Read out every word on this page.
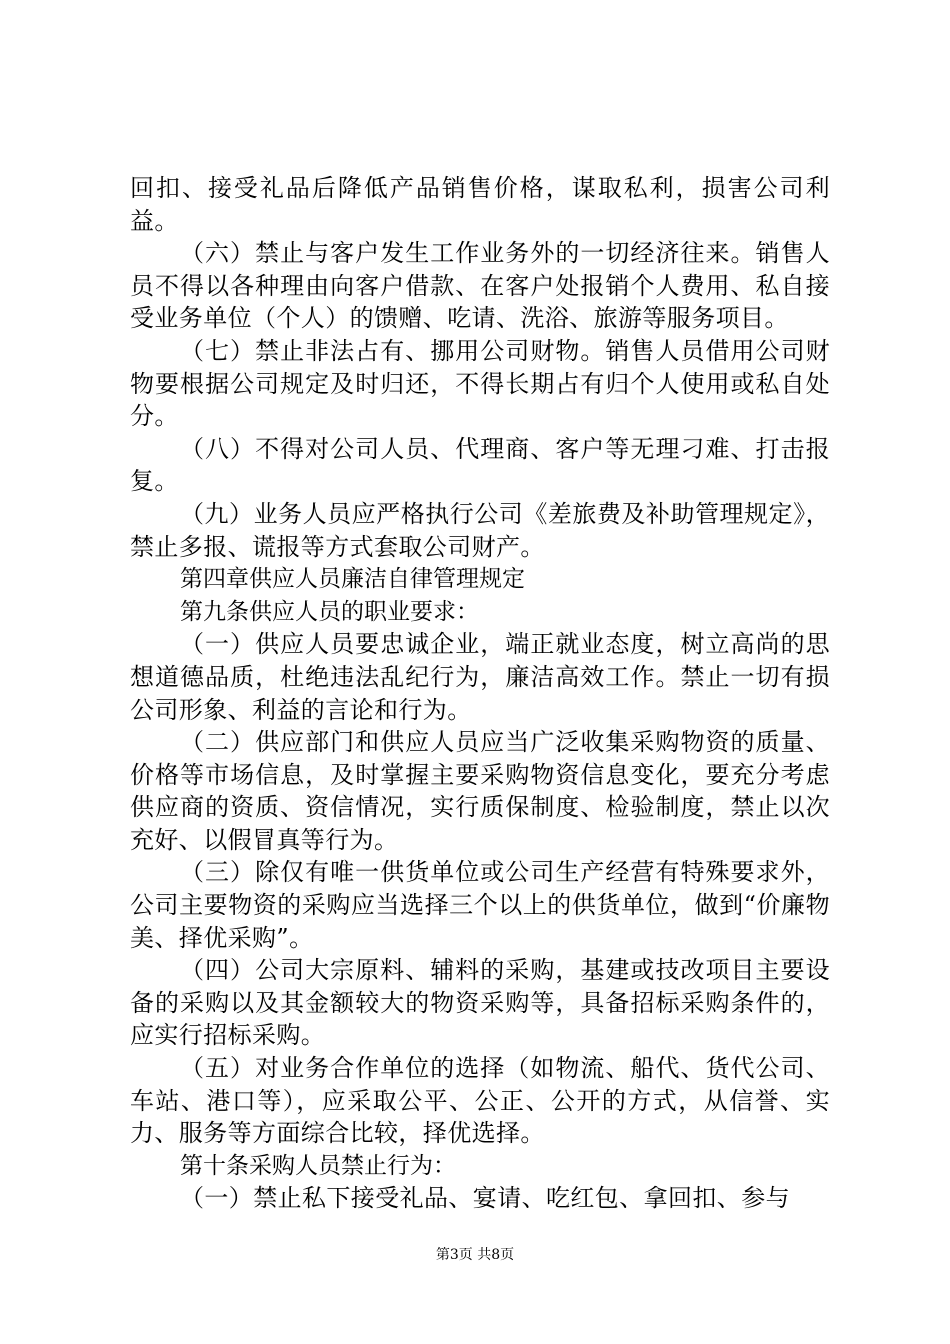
回扣、接受礼品后降低产品销售价格，谋取私利，损害公司利益。

（六）禁止与客户发生工作业务外的一切经济往来。销售人员不得以各种理由向客户借款、在客户处报销个人费用、私自接受业务单位（个人）的馈赠、吃请、洗浴、旅游等服务项目。

（七）禁止非法占有、挪用公司财物。销售人员借用公司财物要根据公司规定及时归还，不得长期占有归个人使用或私自处分。

（八）不得对公司人员、代理商、客户等无理刁难、打击报复。

（九）业务人员应严格执行公司《差旅费及补助管理规定》，禁止多报、谎报等方式套取公司财产。

第四章供应人员廉洁自律管理规定

第九条供应人员的职业要求：

（一）供应人员要忠诚企业，端正就业态度，树立高尚的思想道德品质，杜绝违法乱纪行为，廉洁高效工作。禁止一切有损公司形象、利益的言论和行为。

（二）供应部门和供应人员应当广泛收集采购物资的质量、价格等市场信息，及时掌握主要采购物资信息变化，要充分考虑供应商的资质、资信情况，实行质保制度、检验制度，禁止以次充好、以假冒真等行为。

（三）除仅有唯一供货单位或公司生产经营有特殊要求外，公司主要物资的采购应当选择三个以上的供货单位，做到“价廉物美、择优采购”。

（四）公司大宗原料、辅料的采购，基建或技改项目主要设备的采购以及其金额较大的物资采购等，具备招标采购条件的，应实行招标采购。

（五）对业务合作单位的选择（如物流、船代、货代公司、车站、港口等），应采取公平、公正、公开的方式，从信誉、实力、服务等方面综合比较，择优选择。

第十条采购人员禁止行为：

（一）禁止私下接受礼品、宴请、吃红包、拿回扣、参与

第3页 共8页
